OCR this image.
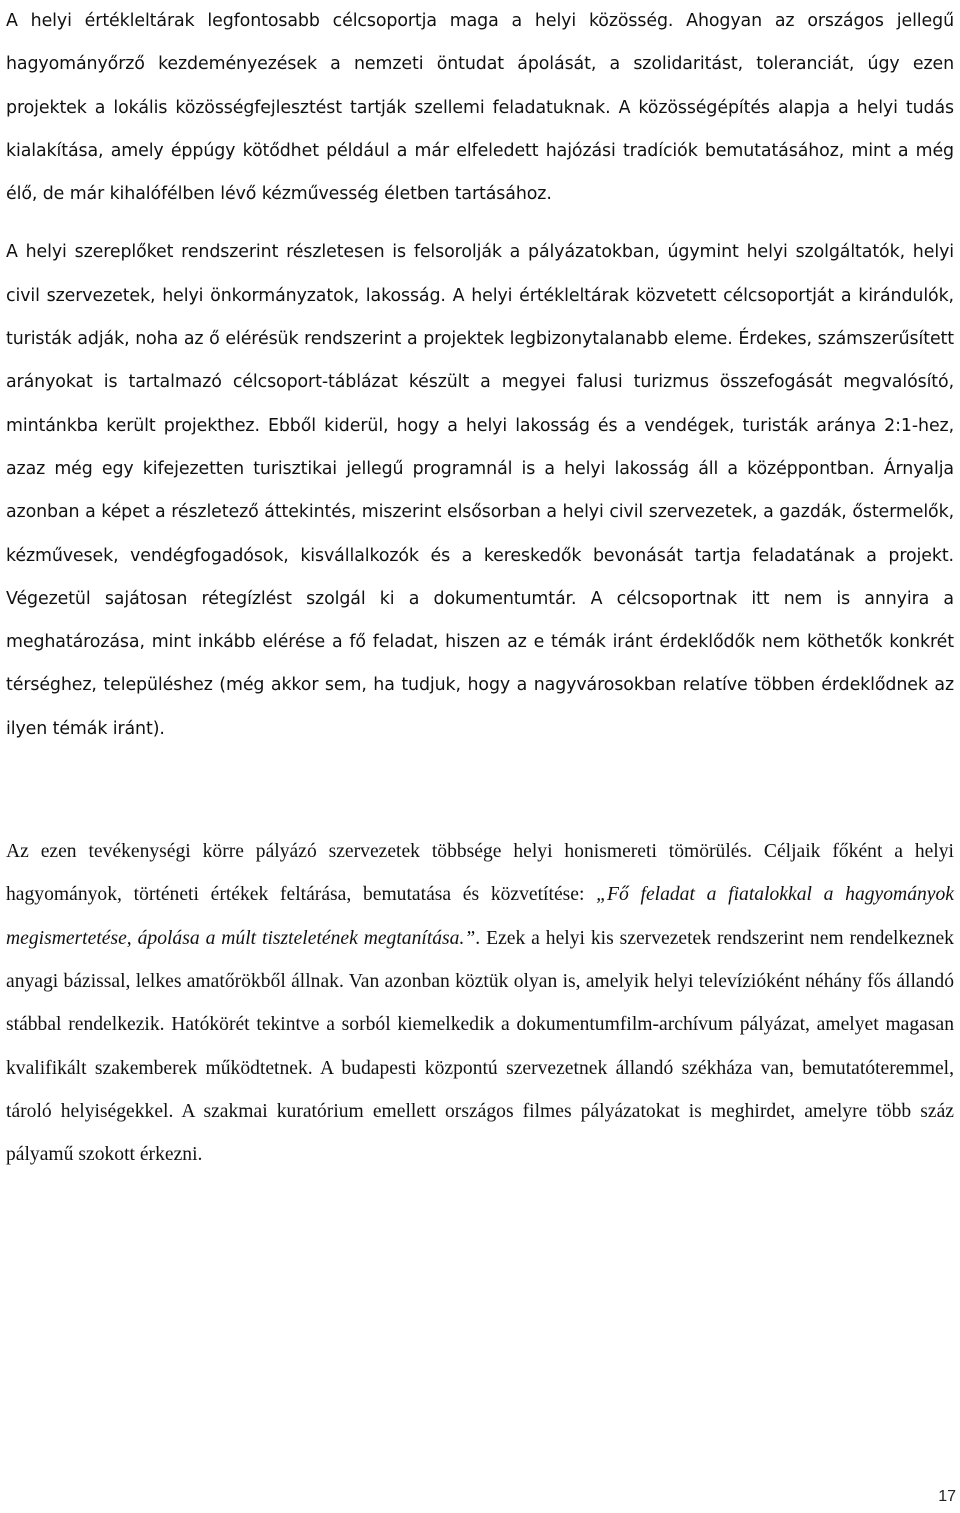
A helyi értékleltárak legfontosabb célcsoportja maga a helyi közösség. Ahogyan az országos jellegű hagyományőrző kezdeményezések a nemzeti öntudat ápolását, a szolidaritást, toleranciát, úgy ezen projektek a lokális közösségfejlesztést tartják szellemi feladatuknak. A közösségépítés alapja a helyi tudás kialakítása, amely éppúgy kötődhet például a már elfeledett hajózási tradíciók bemutatásához, mint a még élő, de már kihalófélben lévő kézművesség életben tartásához.

A helyi szereplőket rendszerint részletesen is felsorolják a pályázatokban, úgymint helyi szolgáltatók, helyi civil szervezetek, helyi önkormányzatok, lakosság. A helyi értékleltárak közvetett célcsoportját a kirándulók, turisták adják, noha az ő elérésük rendszerint a projektek legbizonytalanabb eleme. Érdekes, számszerűsített arányokat is tartalmazó célcsoport-táblázat készült a megyei falusi turizmus összefogását megvalósító, mintánkba került projekthez. Ebből kiderül, hogy a helyi lakosság és a vendégek, turisták aránya 2:1-hez, azaz még egy kifejezetten turisztikai jellegű programnál is a helyi lakosság áll a középpontban. Árnyalja azonban a képet a részletező áttekintés, miszerint elsősorban a helyi civil szervezetek, a gazdák, őstermelők, kézművesek, vendégfogadósok, kisvállalkozók és a kereskedők bevonását tartja feladatának a projekt. Végezetül sajátosan rétegízlést szolgál ki a dokumentumtár. A célcsoportnak itt nem is annyira a meghatározása, mint inkább elérése a fő feladat, hiszen az e témák iránt érdeklődők nem köthetők konkrét térséghez, településhez (még akkor sem, ha tudjuk, hogy a nagyvárosokban relatíve többen érdeklődnek az ilyen témák iránt).

Az ezen tevékenységi körre pályázó szervezetek többsége helyi honismereti tömörülés. Céljaik főként a helyi hagyományok, történeti értékek feltárása, bemutatása és közvetítése: „Fő feladat a fiatalokkal a hagyományok megismertetése, ápolása a múlt tiszteletének megtanítása.”. Ezek a helyi kis szervezetek rendszerint nem rendelkeznek anyagi bázissal, lelkes amatőrökből állnak. Van azonban köztük olyan is, amelyik helyi televízióként néhány fős állandó stábbal rendelkezik. Hatókörét tekintve a sorból kiemelkedik a dokumentumfilm-archívum pályázat, amelyet magasan kvalifikált szakemberek működtetnek. A budapesti központú szervezetnek állandó székháza van, bemutatóteremmel, tároló helyiségekkel. A szakmai kuratórium emellett országos filmes pályázatokat is meghirdet, amelyre több száz pályamű szokott érkezni.

17
